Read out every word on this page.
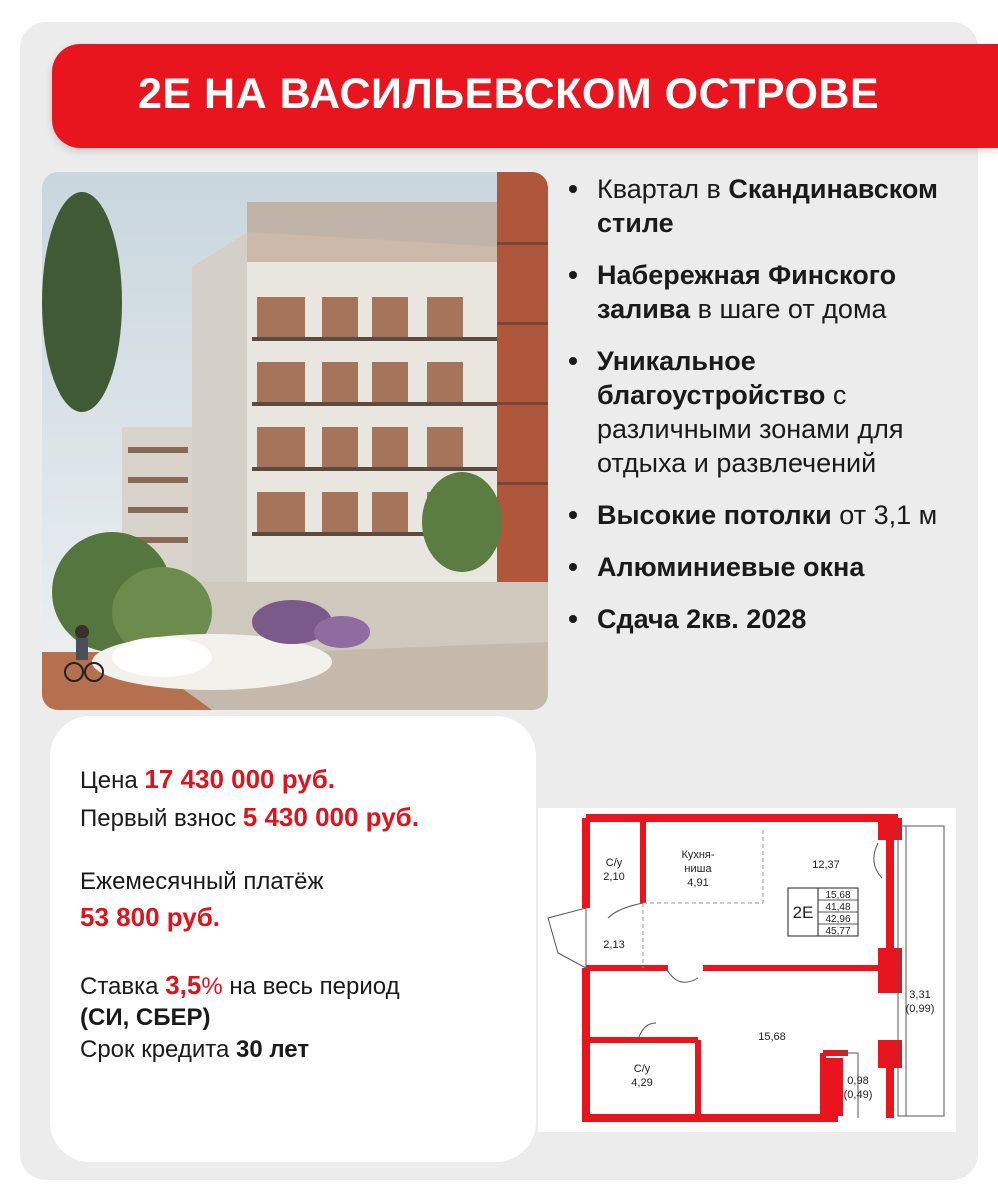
2Е НА ВАСИЛЬЕВСКОМ ОСТРОВЕ
Квартал в Скандинавском стиле
Набережная Финского залива в шаге от дома
Уникальное благоустройство с различными зонами для отдыха и развлечений
Высокие потолки от 3,1 м
Алюминиевые окна
Сдача 2кв. 2028
Цена 17 430 000 руб.
Первый взнос 5 430 000 руб.
Ежемесячный платёж
53 800 руб.
Ставка 3,5% на весь период
(СИ, СБЕР)
Срок кредита 30 лет
С/у
2,10
Кухня-
ниша
4,91
12,37
2,13
2Е
15,68
41,48
42,96
45,77
3,31
(0,99)
15,68
С/у
4,29	0,98
(0,49)
